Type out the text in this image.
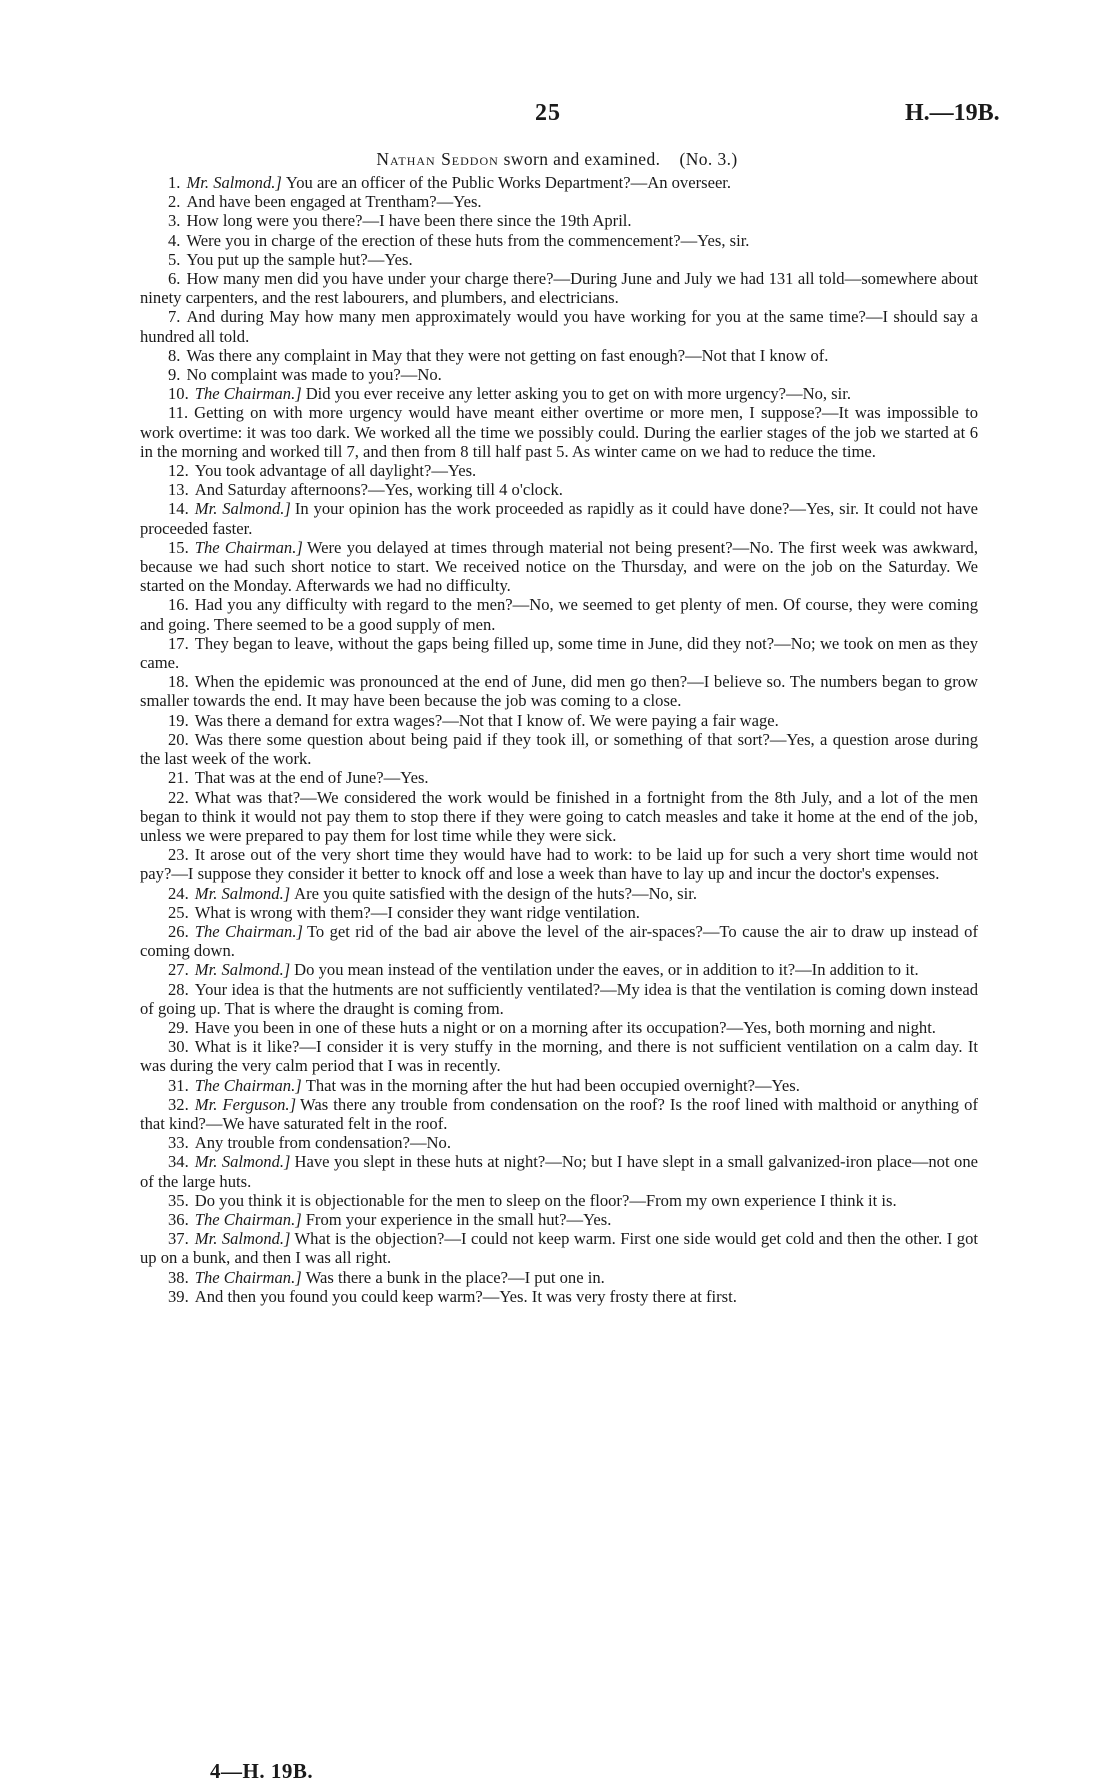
25	H.—19B.
Nathan Seddon sworn and examined. (No. 3.)

1. Mr. Salmond.] You are an officer of the Public Works Department?—An overseer.

2. And have been engaged at Trentham?—Yes.

3. How long were you there?—I have been there since the 19th April.

4. Were you in charge of the erection of these huts from the commencement?—Yes, sir.

5. You put up the sample hut?—Yes.

6. How many men did you have under your charge there?—During June and July we had 131 all told—somewhere about ninety carpenters, and the rest labourers, and plumbers, and electricians.

7. And during May how many men approximately would you have working for you at the same time?—I should say a hundred all told.

8. Was there any complaint in May that they were not getting on fast enough?—Not that I know of.

9. No complaint was made to you?—No.

10. The Chairman.] Did you ever receive any letter asking you to get on with more urgency?—No, sir.

11. Getting on with more urgency would have meant either overtime or more men, I suppose?—It was impossible to work overtime: it was too dark. We worked all the time we possibly could. During the earlier stages of the job we started at 6 in the morning and worked till 7, and then from 8 till half past 5. As winter came on we had to reduce the time.

12. You took advantage of all daylight?—Yes.

13. And Saturday afternoons?—Yes, working till 4 o'clock.

14. Mr. Salmond.] In your opinion has the work proceeded as rapidly as it could have done?—Yes, sir. It could not have proceeded faster.

15. The Chairman.] Were you delayed at times through material not being present?—No. The first week was awkward, because we had such short notice to start. We received notice on the Thursday, and were on the job on the Saturday. We started on the Monday. Afterwards we had no difficulty.

16. Had you any difficulty with regard to the men?—No, we seemed to get plenty of men. Of course, they were coming and going. There seemed to be a good supply of men.

17. They began to leave, without the gaps being filled up, some time in June, did they not?—No; we took on men as they came.

18. When the epidemic was pronounced at the end of June, did men go then?—I believe so. The numbers began to grow smaller towards the end. It may have been because the job was coming to a close.

19. Was there a demand for extra wages?—Not that I know of. We were paying a fair wage.

20. Was there some question about being paid if they took ill, or something of that sort?—Yes, a question arose during the last week of the work.

21. That was at the end of June?—Yes.

22. What was that?—We considered the work would be finished in a fortnight from the 8th July, and a lot of the men began to think it would not pay them to stop there if they were going to catch measles and take it home at the end of the job, unless we were prepared to pay them for lost time while they were sick.

23. It arose out of the very short time they would have had to work: to be laid up for such a very short time would not pay?—I suppose they consider it better to knock off and lose a week than have to lay up and incur the doctor's expenses.

24. Mr. Salmond.] Are you quite satisfied with the design of the huts?—No, sir.

25. What is wrong with them?—I consider they want ridge ventilation.

26. The Chairman.] To get rid of the bad air above the level of the air-spaces?—To cause the air to draw up instead of coming down.

27. Mr. Salmond.] Do you mean instead of the ventilation under the eaves, or in addition to it?—In addition to it.

28. Your idea is that the hutments are not sufficiently ventilated?—My idea is that the ventilation is coming down instead of going up. That is where the draught is coming from.

29. Have you been in one of these huts a night or on a morning after its occupation?—Yes, both morning and night.

30. What is it like?—I consider it is very stuffy in the morning, and there is not sufficient ventilation on a calm day. It was during the very calm period that I was in recently.

31. The Chairman.] That was in the morning after the hut had been occupied overnight?—Yes.

32. Mr. Ferguson.] Was there any trouble from condensation on the roof? Is the roof lined with malthoid or anything of that kind?—We have saturated felt in the roof.

33. Any trouble from condensation?—No.

34. Mr. Salmond.] Have you slept in these huts at night?—No; but I have slept in a small galvanized-iron place—not one of the large huts.

35. Do you think it is objectionable for the men to sleep on the floor?—From my own experience I think it is.

36. The Chairman.] From your experience in the small hut?—Yes.

37. Mr. Salmond.] What is the objection?—I could not keep warm. First one side would get cold and then the other. I got up on a bunk, and then I was all right.

38. The Chairman.] Was there a bunk in the place?—I put one in.

39. And then you found you could keep warm?—Yes. It was very frosty there at first.

4—H. 19B.
